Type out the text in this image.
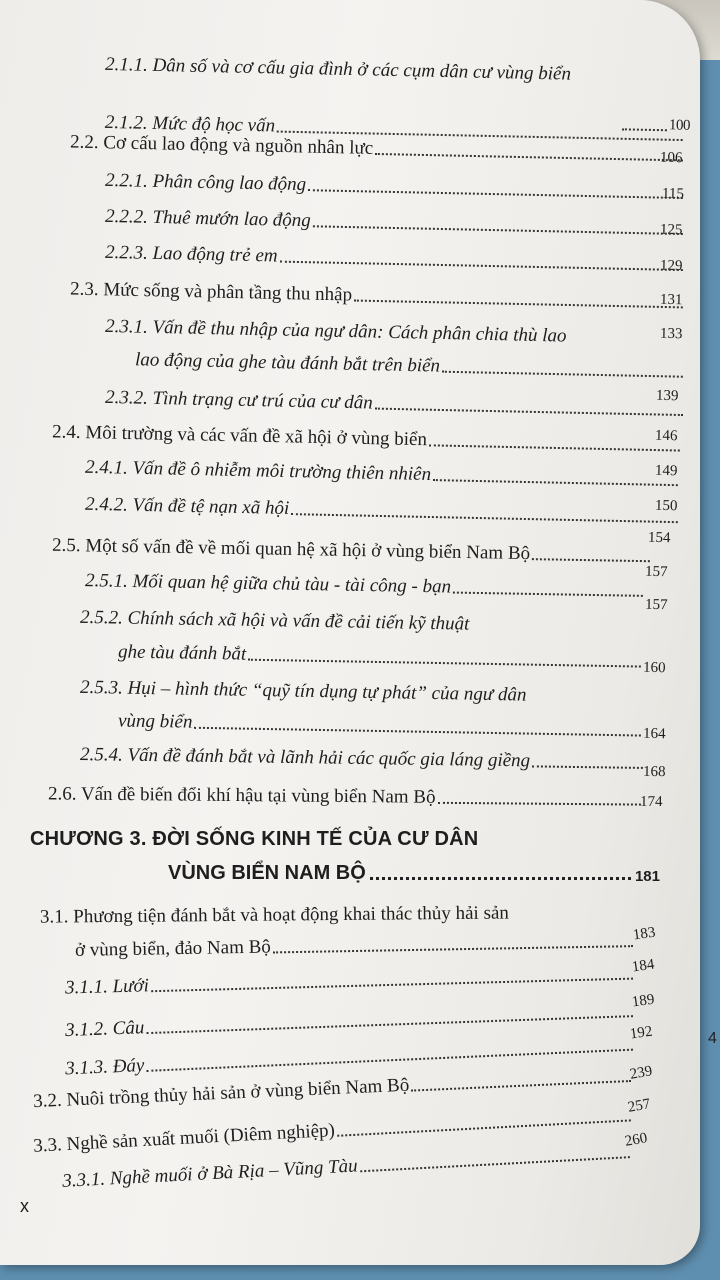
2.1.1. Dân số và cơ cấu gia đình ở các cụm dân cư vùng biển
100
2.1.2. Mức độ học vấn
106
2.2. Cơ cấu lao động và nguồn nhân lực
115
2.2.1. Phân công lao động
125
2.2.2. Thuê mướn lao động
129
2.2.3. Lao động trẻ em
131
2.3. Mức sống và phân tầng thu nhập
133
2.3.1. Vấn đề thu nhập của ngư dân: Cách phân chia thù lao
lao động của ghe tàu đánh bắt trên biển
139
2.3.2. Tình trạng cư trú của cư dân
146
2.4. Môi trường và các vấn đề xã hội ở vùng biển
149
2.4.1. Vấn đề ô nhiễm môi trường thiên nhiên
150
2.4.2. Vấn đề tệ nạn xã hội
154
2.5. Một số vấn đề về mối quan hệ xã hội ở vùng biển Nam Bộ
157
2.5.1. Mối quan hệ giữa chủ tàu - tài công - bạn
157
2.5.2. Chính sách xã hội và vấn đề cải tiến kỹ thuật
ghe tàu đánh bắt
160
2.5.3. Hụi – hình thức “quỹ tín dụng tự phát” của ngư dân
vùng biển
164
2.5.4. Vấn đề đánh bắt và lãnh hải các quốc gia láng giềng
168
2.6. Vấn đề biến đổi khí hậu tại vùng biển Nam Bộ	174
CHƯƠNG 3. ĐỜI SỐNG KINH TẾ CỦA CƯ DÂN
VÙNG BIỂN NAM BỘ	181
3.1. Phương tiện đánh bắt và hoạt động khai thác thủy hải sản
ở vùng biển, đảo Nam Bộ
183
3.1.1. Lưới
184
3.1.2. Câu
189
3.1.3. Đáy
192
3.2. Nuôi trồng thủy hải sản ở vùng biển Nam Bộ
239
3.3. Nghề sản xuất muối (Diêm nghiệp)
257
3.3.1. Nghề muối ở Bà Rịa – Vũng Tàu
260
x
4
